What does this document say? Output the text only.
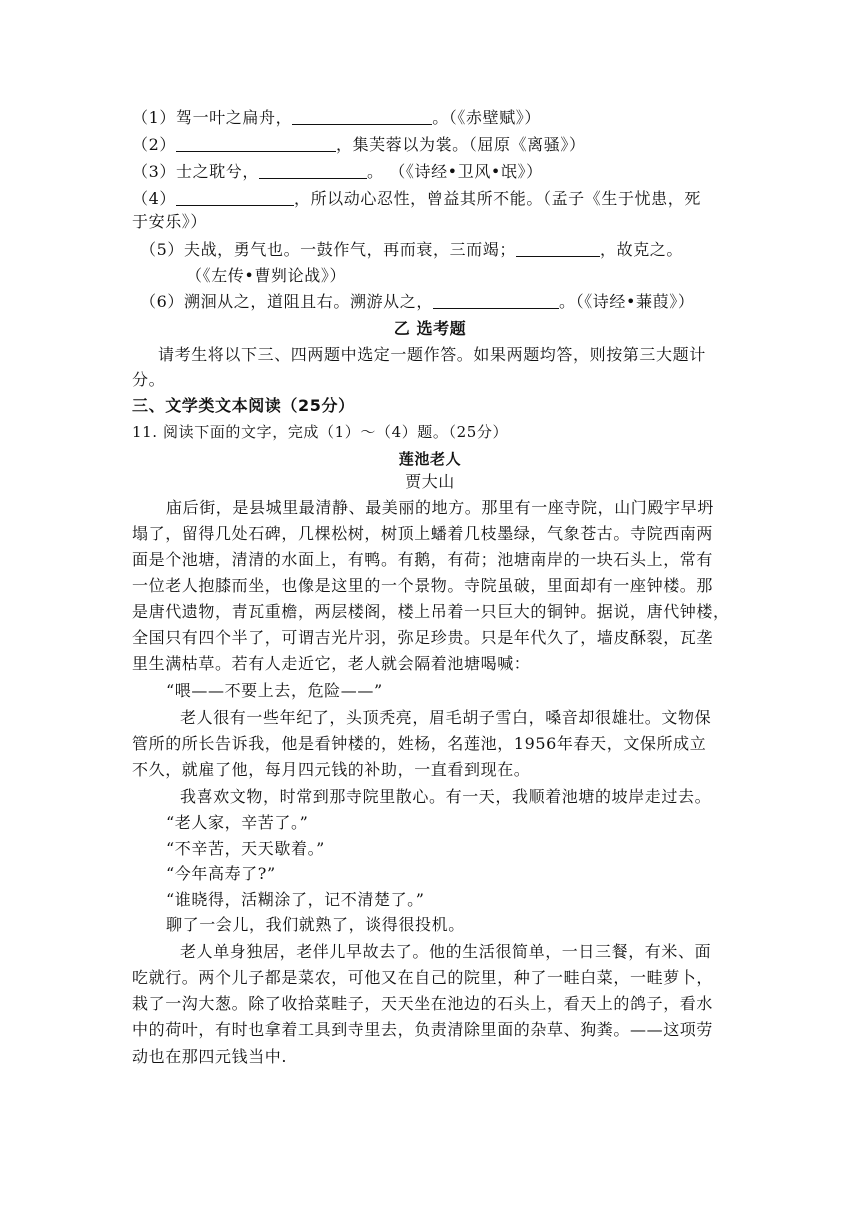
（1）驾一叶之扁舟，	。（《赤壁赋》）
（2）	，集芙蓉以为裳。（屈原《离骚》）
（3）士之耽兮，	。 （《诗经•卫风•氓》）
（4）	，所以动心忍性，曾益其所不能。（孟子《生于忧患，死
于安乐》）
（5）夫战，勇气也。一鼓作气，再而衰，三而竭；	，故克之。
（《左传•曹刿论战》）
（6）溯洄从之，道阻且右。溯游从之，	。（《诗经•蒹葭》）
乙 选考题
请考生将以下三、四两题中选定一题作答。如果两题均答，则按第三大题计
分。
三、文学类文本阅读（25分）
11. 阅读下面的文字，完成（1）～（4）题。（25分）
莲池老人
贾大山
庙后街，是县城里最清静、最美丽的地方。那里有一座寺院，山门殿宇早坍
塌了，留得几处石碑，几棵松树，树顶上蟠着几枝墨绿，气象苍古。寺院西南两
面是个池塘，清清的水面上，有鸭。有鹅，有荷；池塘南岸的一块石头上，常有
一位老人抱膝而坐，也像是这里的一个景物。寺院虽破，里面却有一座钟楼。那
是唐代遗物，青瓦重檐，两层楼阁，楼上吊着一只巨大的铜钟。据说，唐代钟楼，
全国只有四个半了，可谓吉光片羽，弥足珍贵。只是年代久了，墙皮酥裂，瓦垄
里生满枯草。若有人走近它，老人就会隔着池塘喝喊：
“喂——不要上去，危险——”
老人很有一些年纪了，头顶秃亮，眉毛胡子雪白，嗓音却很雄壮。文物保
管所的所长告诉我，他是看钟楼的，姓杨，名莲池，1956年春天，文保所成立
不久，就雇了他，每月四元钱的补助，一直看到现在。
我喜欢文物，时常到那寺院里散心。有一天，我顺着池塘的坡岸走过去。
“老人家，辛苦了。”
“不辛苦，天天歇着。”
“今年高寿了?”
“谁晓得，活糊涂了，记不清楚了。”
聊了一会儿，我们就熟了，谈得很投机。
老人单身独居，老伴儿早故去了。他的生活很简单，一日三餐，有米、面
吃就行。两个儿子都是菜农，可他又在自己的院里，种了一畦白菜，一畦萝卜，
栽了一沟大葱。除了收拾菜畦子，天天坐在池边的石头上，看天上的鸽子，看水
中的荷叶，有时也拿着工具到寺里去，负责清除里面的杂草、狗粪。——这项劳
动也在那四元钱当中.
